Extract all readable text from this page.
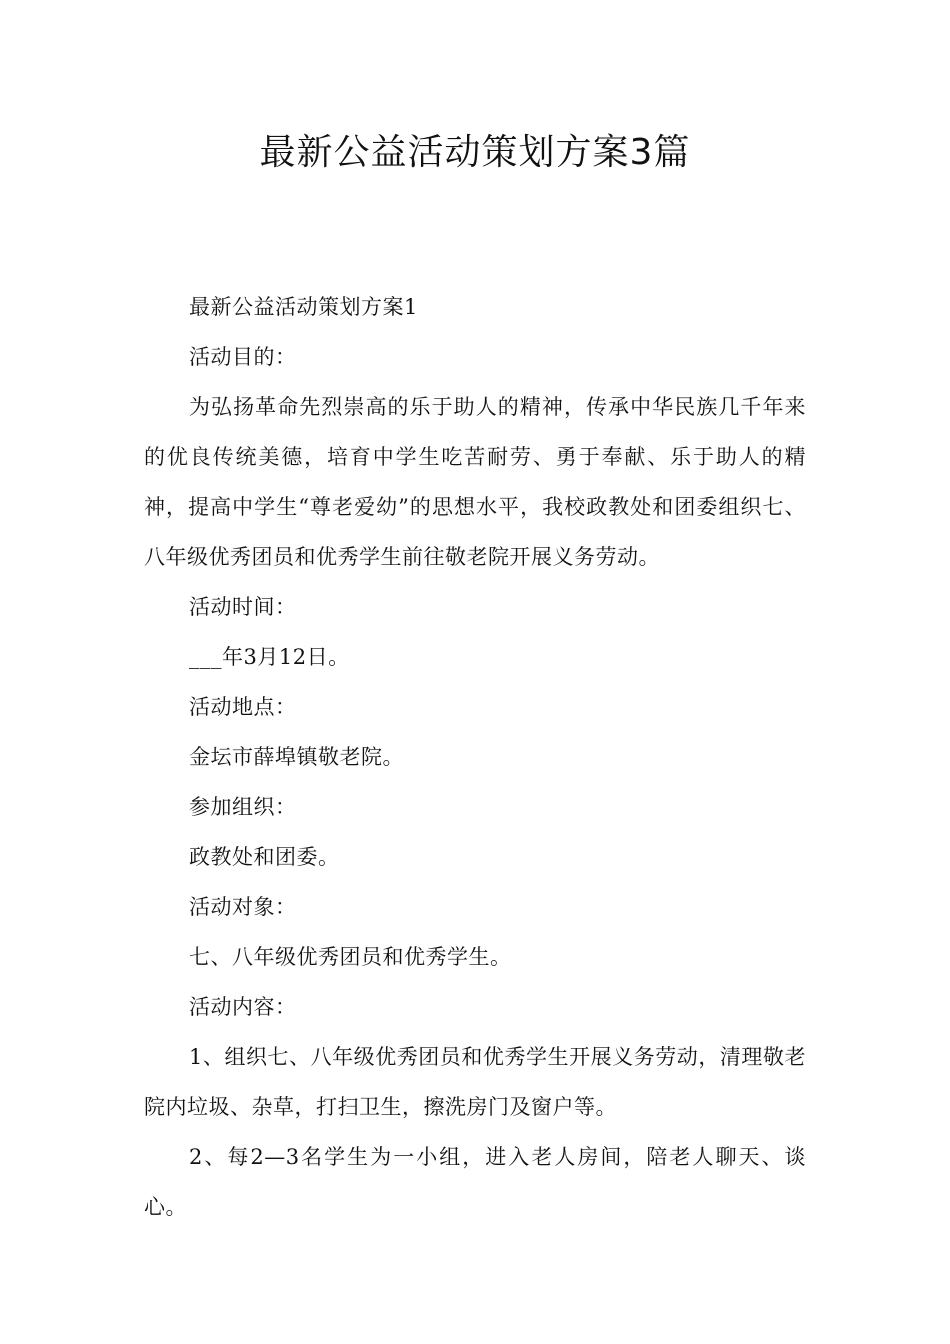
最新公益活动策划方案3篇

最新公益活动策划方案1

活动目的：

为弘扬革命先烈崇高的乐于助人的精神，传承中华民族几千年来的优良传统美德，培育中学生吃苦耐劳、勇于奉献、乐于助人的精神，提高中学生“尊老爱幼”的思想水平，我校政教处和团委组织七、八年级优秀团员和优秀学生前往敬老院开展义务劳动。

活动时间：

___年3月12日。

活动地点：

金坛市薛埠镇敬老院。

参加组织：

政教处和团委。

活动对象：

七、八年级优秀团员和优秀学生。

活动内容：

1、组织七、八年级优秀团员和优秀学生开展义务劳动，清理敬老院内垃圾、杂草，打扫卫生，擦洗房门及窗户等。

2、每2—3名学生为一小组，进入老人房间，陪老人聊天、谈心。
